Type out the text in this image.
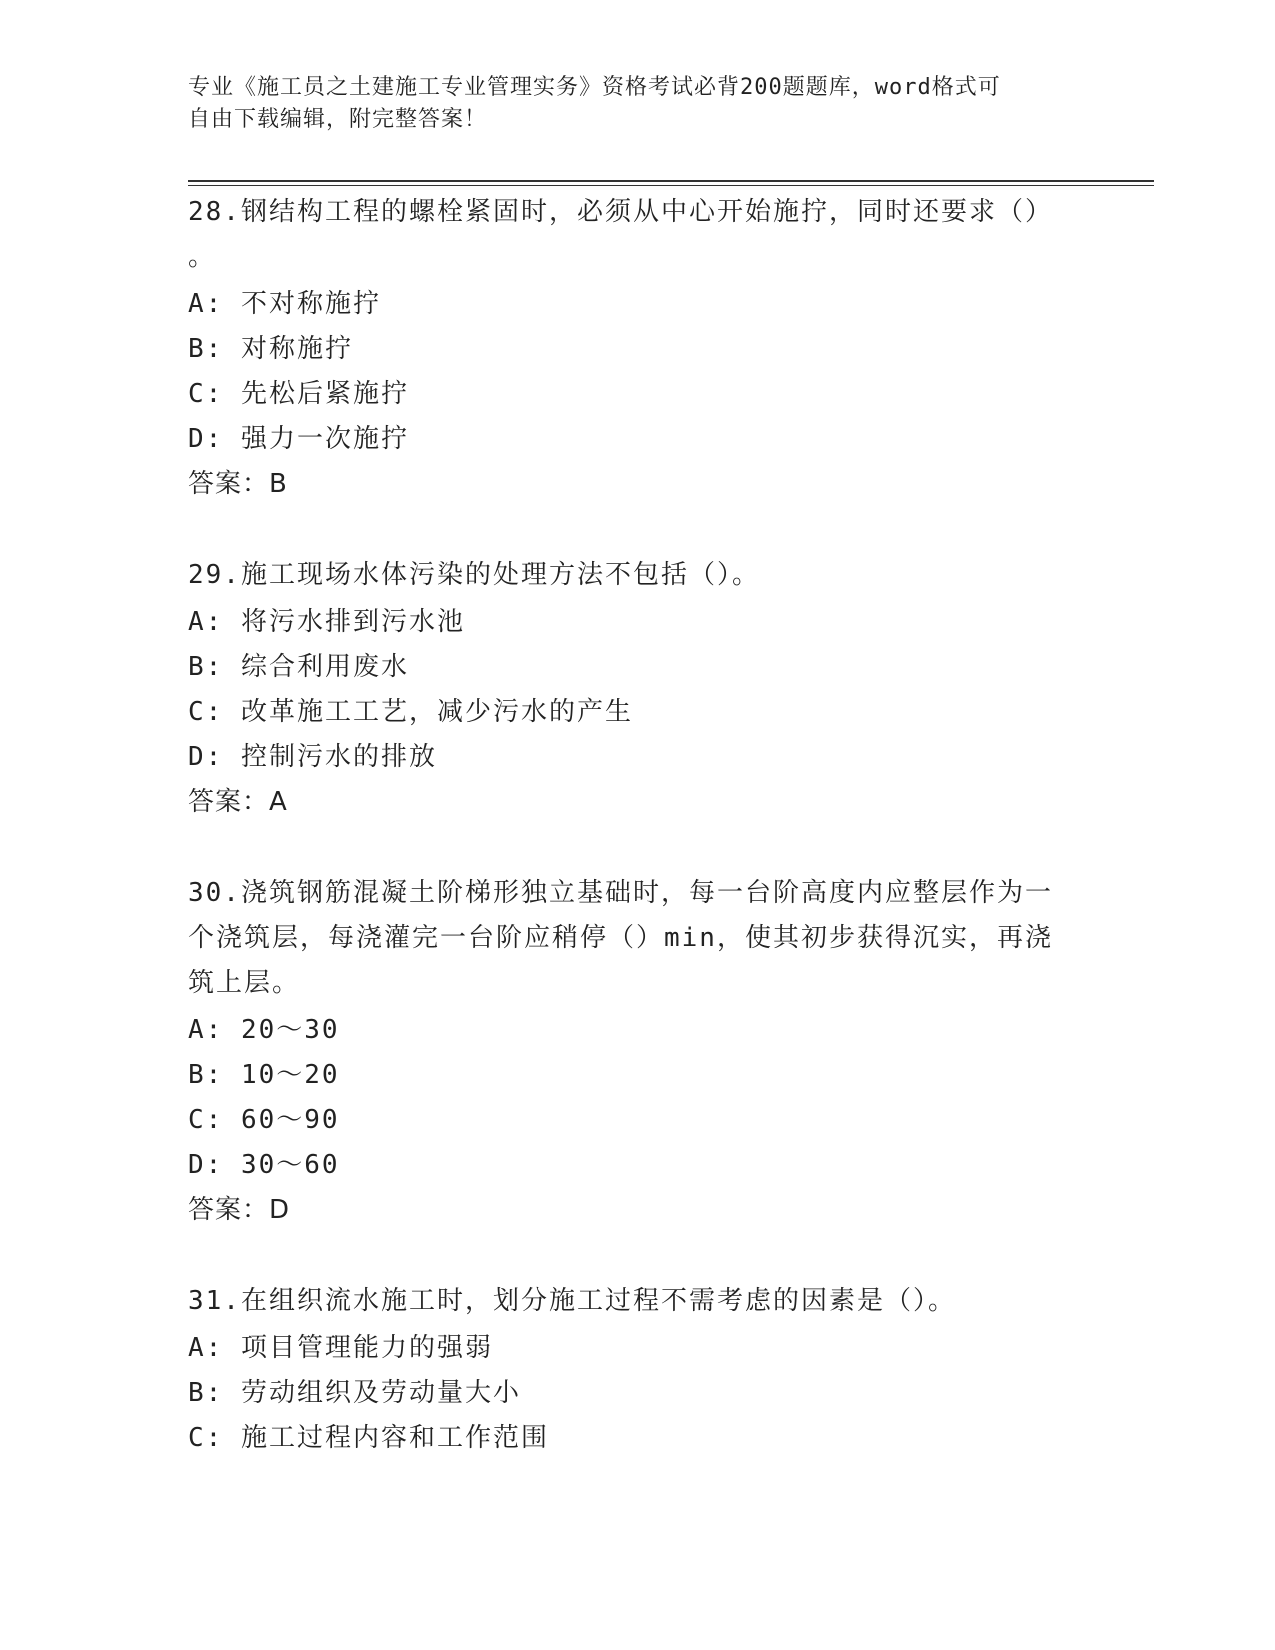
专业《施工员之土建施工专业管理实务》资格考试必背200题题库，word格式可
自由下载编辑，附完整答案！
28.钢结构工程的螺栓紧固时，必须从中心开始施拧，同时还要求（）
。
A: 不对称施拧
B: 对称施拧
C: 先松后紧施拧
D: 强力一次施拧
答案：B
29.施工现场水体污染的处理方法不包括（）。
A: 将污水排到污水池
B: 综合利用废水
C: 改革施工工艺，减少污水的产生
D: 控制污水的排放
答案：A
30.浇筑钢筋混凝土阶梯形独立基础时，每一台阶高度内应整层作为一
个浇筑层，每浇灌完一台阶应稍停（）min，使其初步获得沉实，再浇
筑上层。
A: 20～30
B: 10～20
C: 60～90
D: 30～60
答案：D
31.在组织流水施工时，划分施工过程不需考虑的因素是（）。
A: 项目管理能力的强弱
B: 劳动组织及劳动量大小
C: 施工过程内容和工作范围
